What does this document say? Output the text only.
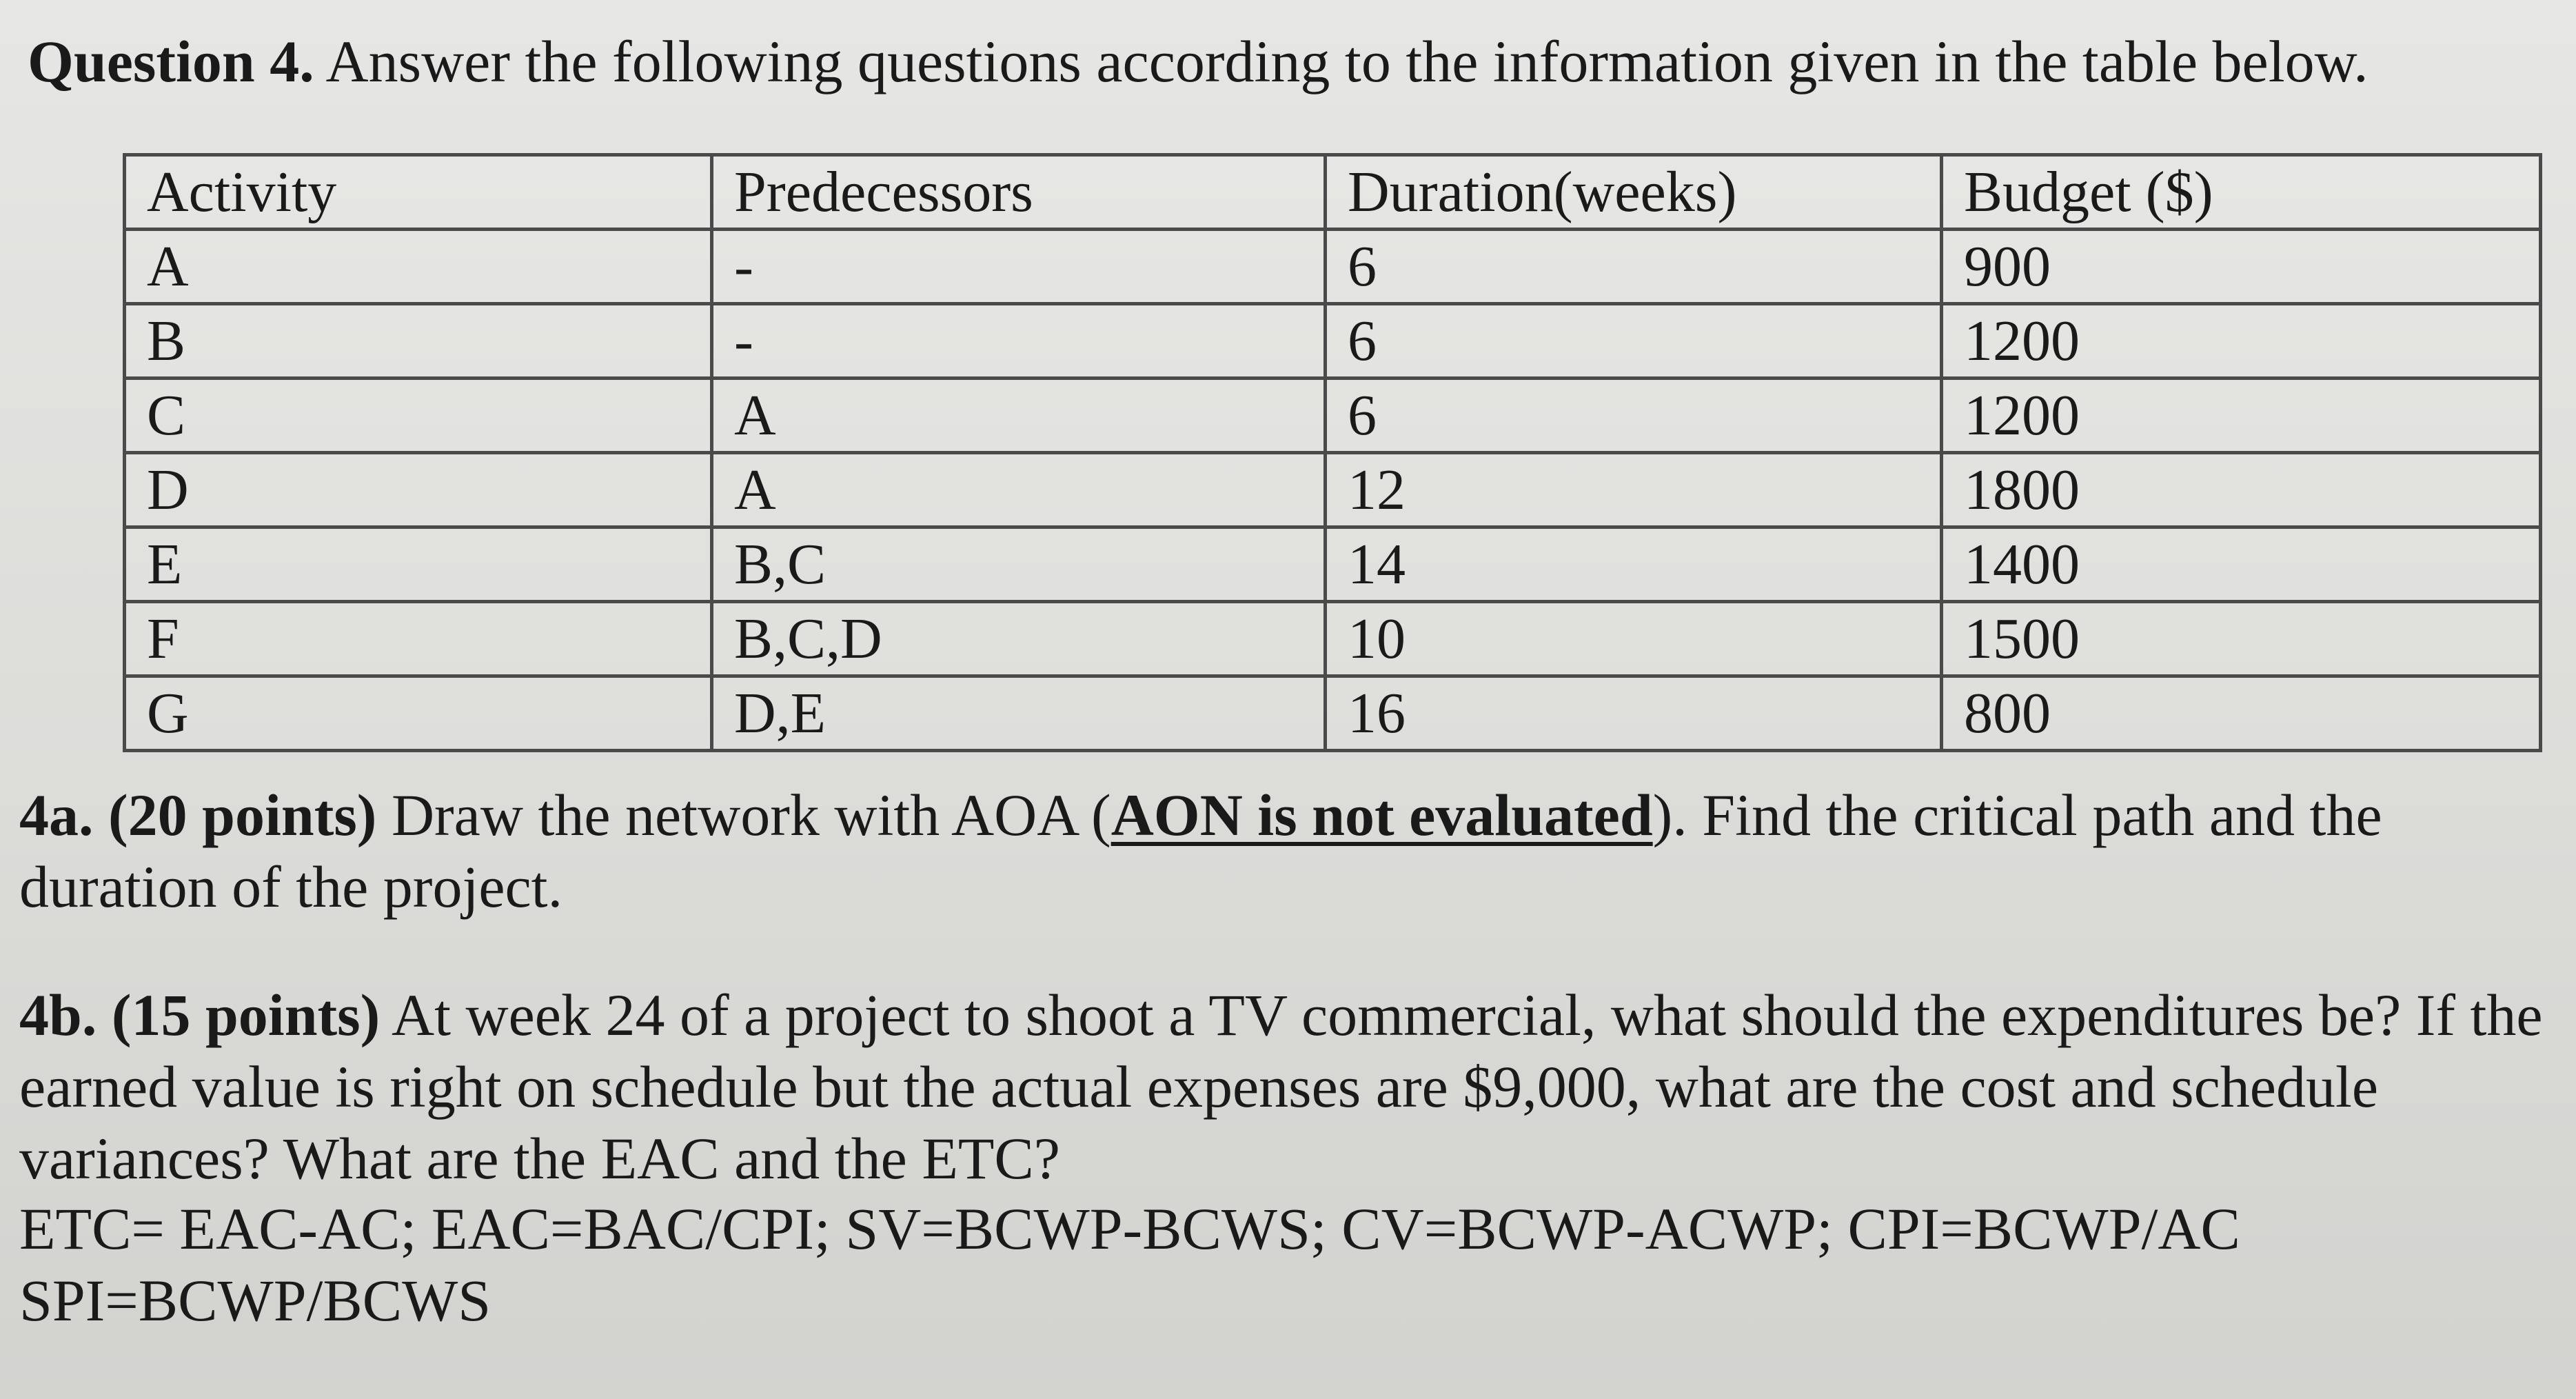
Question 4. Answer the following questions according to the information given in the table below.
Activity	Predecessors	Duration(weeks)	Budget ($)
A	-	6	900
B	-	6	1200
C	A	6	1200
D	A	12	1800
E	B,C	14	1400
F	B,C,D	10	1500
G	D,E	16	800
4a. (20 points) Draw the network with AOA (AON is not evaluated). Find the critical path and the duration of the project.
4b. (15 points) At week 24 of a project to shoot a TV commercial, what should the expenditures be? If the earned value is right on schedule but the actual expenses are $9,000, what are the cost and schedule variances? What are the EAC and the ETC?
ETC= EAC-AC; EAC=BAC/CPI; SV=BCWP-BCWS; CV=BCWP-ACWP; CPI=BCWP/AC
SPI=BCWP/BCWS
